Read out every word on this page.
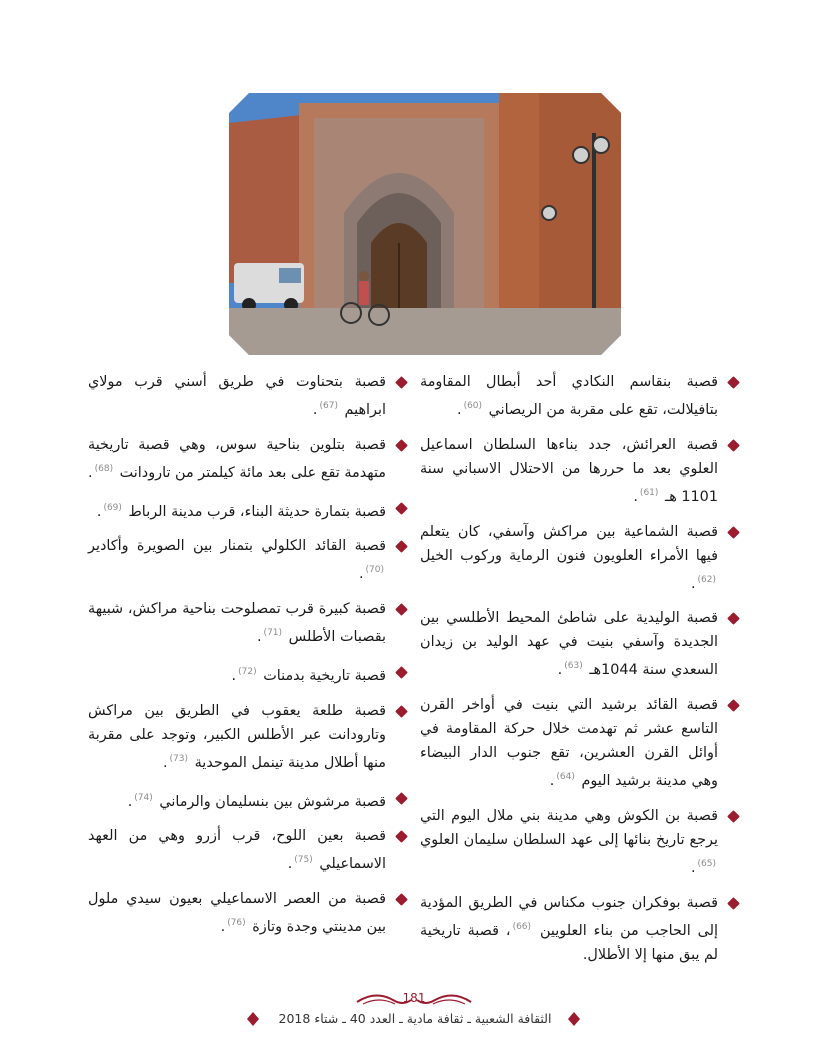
قصبة بنقاسم النكادي أحد أبطال المقاومة بتافيلالت، تقع على مقربة من الريصاني $^{(60)}$.
قصبة العرائش، جدد بناءها السلطان اسماعيل العلوي بعد ما حررها من الاحتلال الاسباني سنة 1101 هـ $^{(61)}$.
قصبة الشماعية بين مراكش وآسفي، كان يتعلم فيها الأمراء العلويون فنون الرماية وركوب الخيل $^{(62)}$.
قصبة الوليدية على شاطئ المحيط الأطلسي بين الجديدة وآسفي بنيت في عهد الوليد بن زيدان السعدي سنة 1044هـ $^{(63)}$.
قصبة القائد برشيد التي بنيت في أواخر القرن التاسع عشر ثم تهدمت خلال حركة المقاومة في أوائل القرن العشرين، تقع جنوب الدار البيضاء وهي مدينة برشيد اليوم $^{(64)}$.
قصبة بن الكوش وهي مدينة بني ملال اليوم التي يرجع تاريخ بنائها إلى عهد السلطان سليمان العلوي $^{(65)}$.
قصبة بوفكران جنوب مكناس في الطريق المؤدية إلى الحاجب من بناء العلويين $^{(66)}$، قصبة تاريخية لم يبق منها إلا الأطلال.
قصبة بتحناوت في طريق أسني قرب مولاي ابراهيم $^{(67)}$.
قصبة بتلوين بناحية سوس، وهي قصبة تاريخية متهدمة تقع على بعد مائة كيلمتر من تارودانت $^{(68)}$.
قصبة بتمارة حديثة البناء، قرب مدينة الرباط $^{(69)}$.
قصبة القائد الكلولي بتمنار بين الصويرة وأكادير $^{(70)}$.
قصبة كبيرة قرب تمصلوحت بناحية مراكش، شبيهة بقصبات الأطلس $^{(71)}$.
قصبة تاريخية بدمنات $^{(72)}$.
قصبة طلعة يعقوب في الطريق بين مراكش وتارودانت عبر الأطلس الكبير، وتوجد على مقربة منها أطلال مدينة تينمل الموحدية $^{(73)}$.
قصبة مرشوش بين بنسليمان والرماني $^{(74)}$.
قصبة بعين اللوح، قرب أزرو وهي من العهد الاسماعيلي $^{(75)}$.
قصبة من العصر الاسماعيلي بعيون سيدي ملول بين مدينتي وجدة وتازة $^{(76)}$.
181
الثقافة الشعبية ـ ثقافة مادية ـ العدد 40 ـ شتاء 2018
